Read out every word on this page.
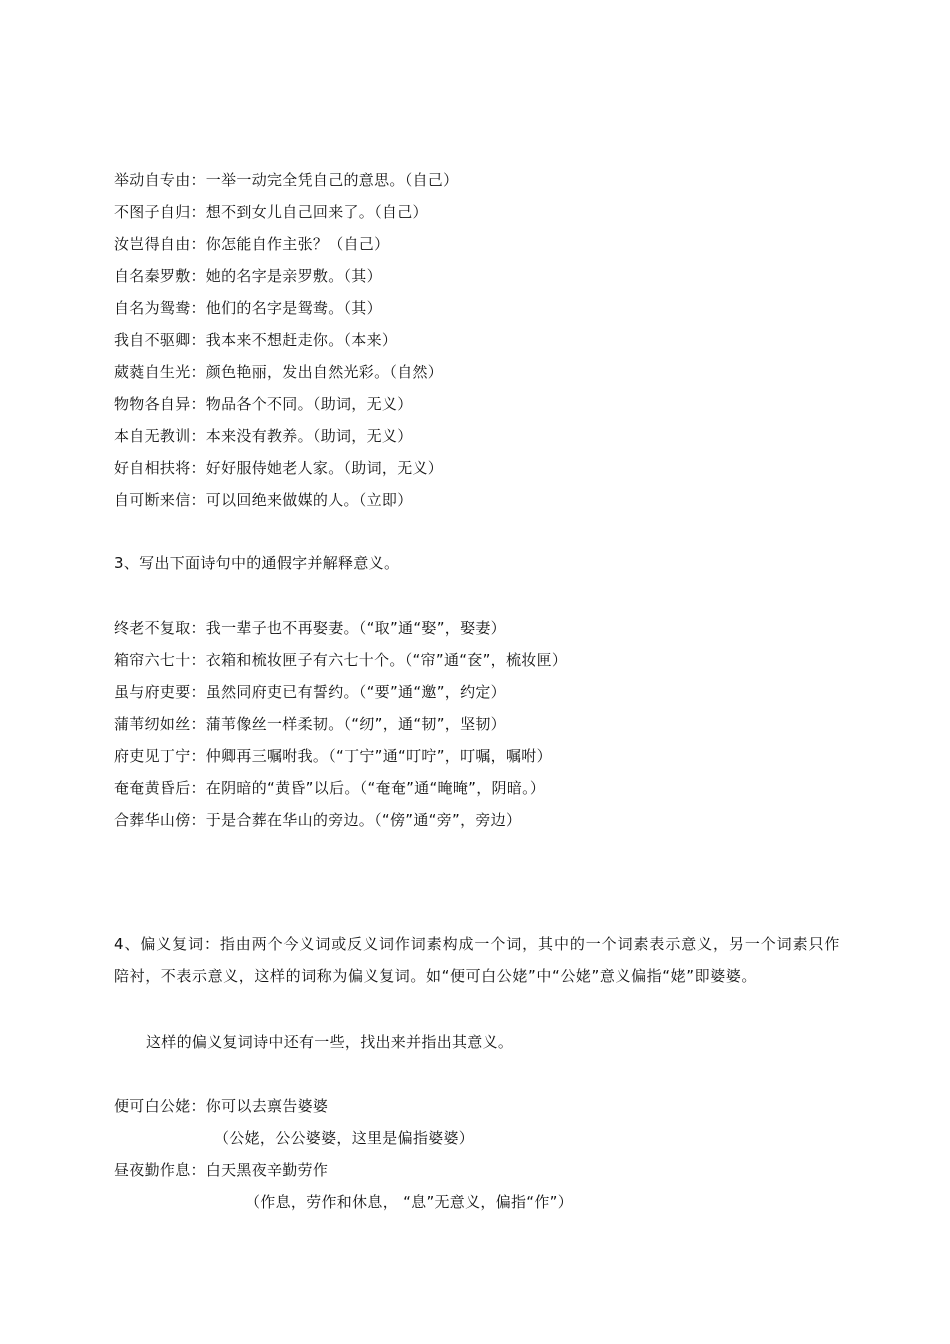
举动自专由：一举一动完全凭自己的意思。（自己）
不图子自归：想不到女儿自己回来了。（自己）
汝岂得自由：你怎能自作主张？（自己）
自名秦罗敷：她的名字是亲罗敷。（其）
自名为鸳鸯：他们的名字是鸳鸯。（其）
我自不驱卿：我本来不想赶走你。（本来）
葳蕤自生光：颜色艳丽，发出自然光彩。（自然）
物物各自异：物品各个不同。（助词，无义）
本自无教训：本来没有教养。（助词，无义）
好自相扶将：好好服侍她老人家。（助词，无义）
自可断来信：可以回绝来做媒的人。（立即）
3、写出下面诗句中的通假字并解释意义。
终老不复取：我一辈子也不再娶妻。（“取”通“娶”，娶妻）
箱帘六七十：衣箱和梳妆匣子有六七十个。（“帘”通“奁”，梳妆匣）
虽与府吏要：虽然同府吏已有誓约。（“要”通“邀”，约定）
蒲苇纫如丝：蒲苇像丝一样柔韧。（“纫”，通“韧”，坚韧）
府吏见丁宁：仲卿再三嘱咐我。（“丁宁”通“叮咛”，叮嘱，嘱咐）
奄奄黄昏后：在阴暗的“黄昏”以后。（“奄奄”通“晻晻”，阴暗。）
合葬华山傍：于是合葬在华山的旁边。（“傍”通“旁”，旁边）
4、偏义复词：指由两个今义词或反义词作词素构成一个词，其中的一个词素表示意义，另一个词素只作陪衬，不表示意义，这样的词称为偏义复词。如“便可白公姥”中“公姥”意义偏指“姥”即婆婆。
这样的偏义复词诗中还有一些，找出来并指出其意义。
便可白公姥：你可以去禀告婆婆
（公姥，公公婆婆，这里是偏指婆婆）
昼夜勤作息：白天黑夜辛勤劳作
（作息，劳作和休息， “息”无意义，偏指“作”）
